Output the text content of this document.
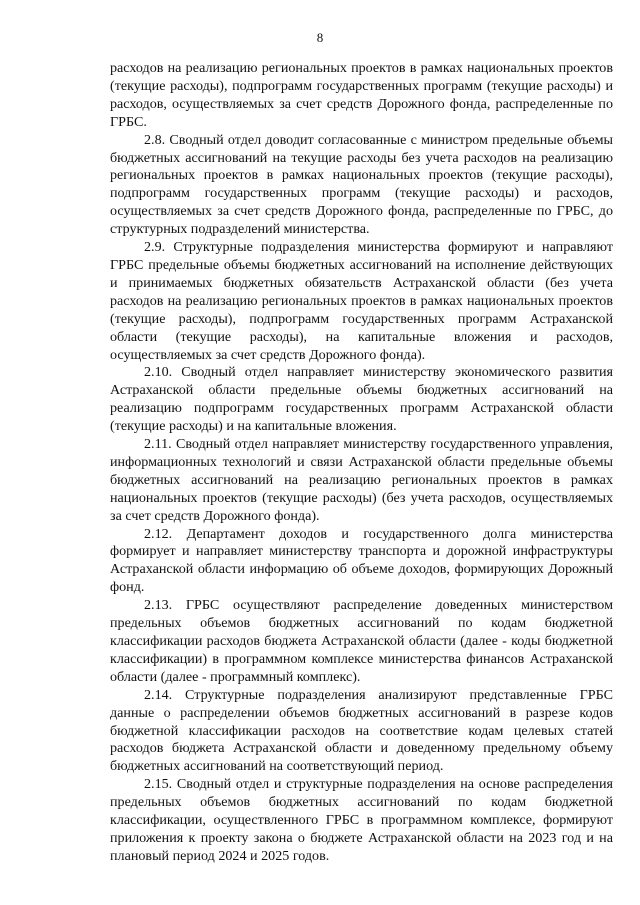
8

расходов на реализацию региональных проектов в рамках национальных проектов (текущие расходы), подпрограмм государственных программ (текущие расходы) и расходов, осуществляемых за счет средств Дорожного фонда, распределенные по ГРБС.

2.8. Сводный отдел доводит согласованные с министром предельные объемы бюджетных ассигнований на текущие расходы без учета расходов на реализацию региональных проектов в рамках национальных проектов (текущие расходы), подпрограмм государственных программ (текущие расходы) и расходов, осуществляемых за счет средств Дорожного фонда, распределенные по ГРБС, до структурных подразделений министерства.

2.9. Структурные подразделения министерства формируют и направляют ГРБС предельные объемы бюджетных ассигнований на исполнение действующих и принимаемых бюджетных обязательств Астраханской области (без учета расходов на реализацию региональных проектов в рамках национальных проектов (текущие расходы), подпрограмм государственных программ Астраханской области (текущие расходы), на капитальные вложения и расходов, осуществляемых за счет средств Дорожного фонда).

2.10. Сводный отдел направляет министерству экономического развития Астраханской области предельные объемы бюджетных ассигнований на реализацию подпрограмм государственных программ Астраханской области (текущие расходы) и на капитальные вложения.

2.11. Сводный отдел направляет министерству государственного управления, информационных технологий и связи Астраханской области предельные объемы бюджетных ассигнований на реализацию региональных проектов в рамках национальных проектов (текущие расходы) (без учета расходов, осуществляемых за счет средств Дорожного фонда).

2.12. Департамент доходов и государственного долга министерства формирует и направляет министерству транспорта и дорожной инфраструктуры Астраханской области информацию об объеме доходов, формирующих Дорожный фонд.

2.13. ГРБС осуществляют распределение доведенных министерством предельных объемов бюджетных ассигнований по кодам бюджетной классификации расходов бюджета Астраханской области (далее - коды бюджетной классификации) в программном комплексе министерства финансов Астраханской области (далее - программный комплекс).

2.14. Структурные подразделения анализируют представленные ГРБС данные о распределении объемов бюджетных ассигнований в разрезе кодов бюджетной классификации расходов на соответствие кодам целевых статей расходов бюджета Астраханской области и доведенному предельному объему бюджетных ассигнований на соответствующий период.

2.15. Сводный отдел и структурные подразделения на основе распределения предельных объемов бюджетных ассигнований по кодам бюджетной классификации, осуществленного ГРБС в программном комплексе, формируют приложения к проекту закона о бюджете Астраханской области на 2023 год и на плановый период 2024 и 2025 годов.
